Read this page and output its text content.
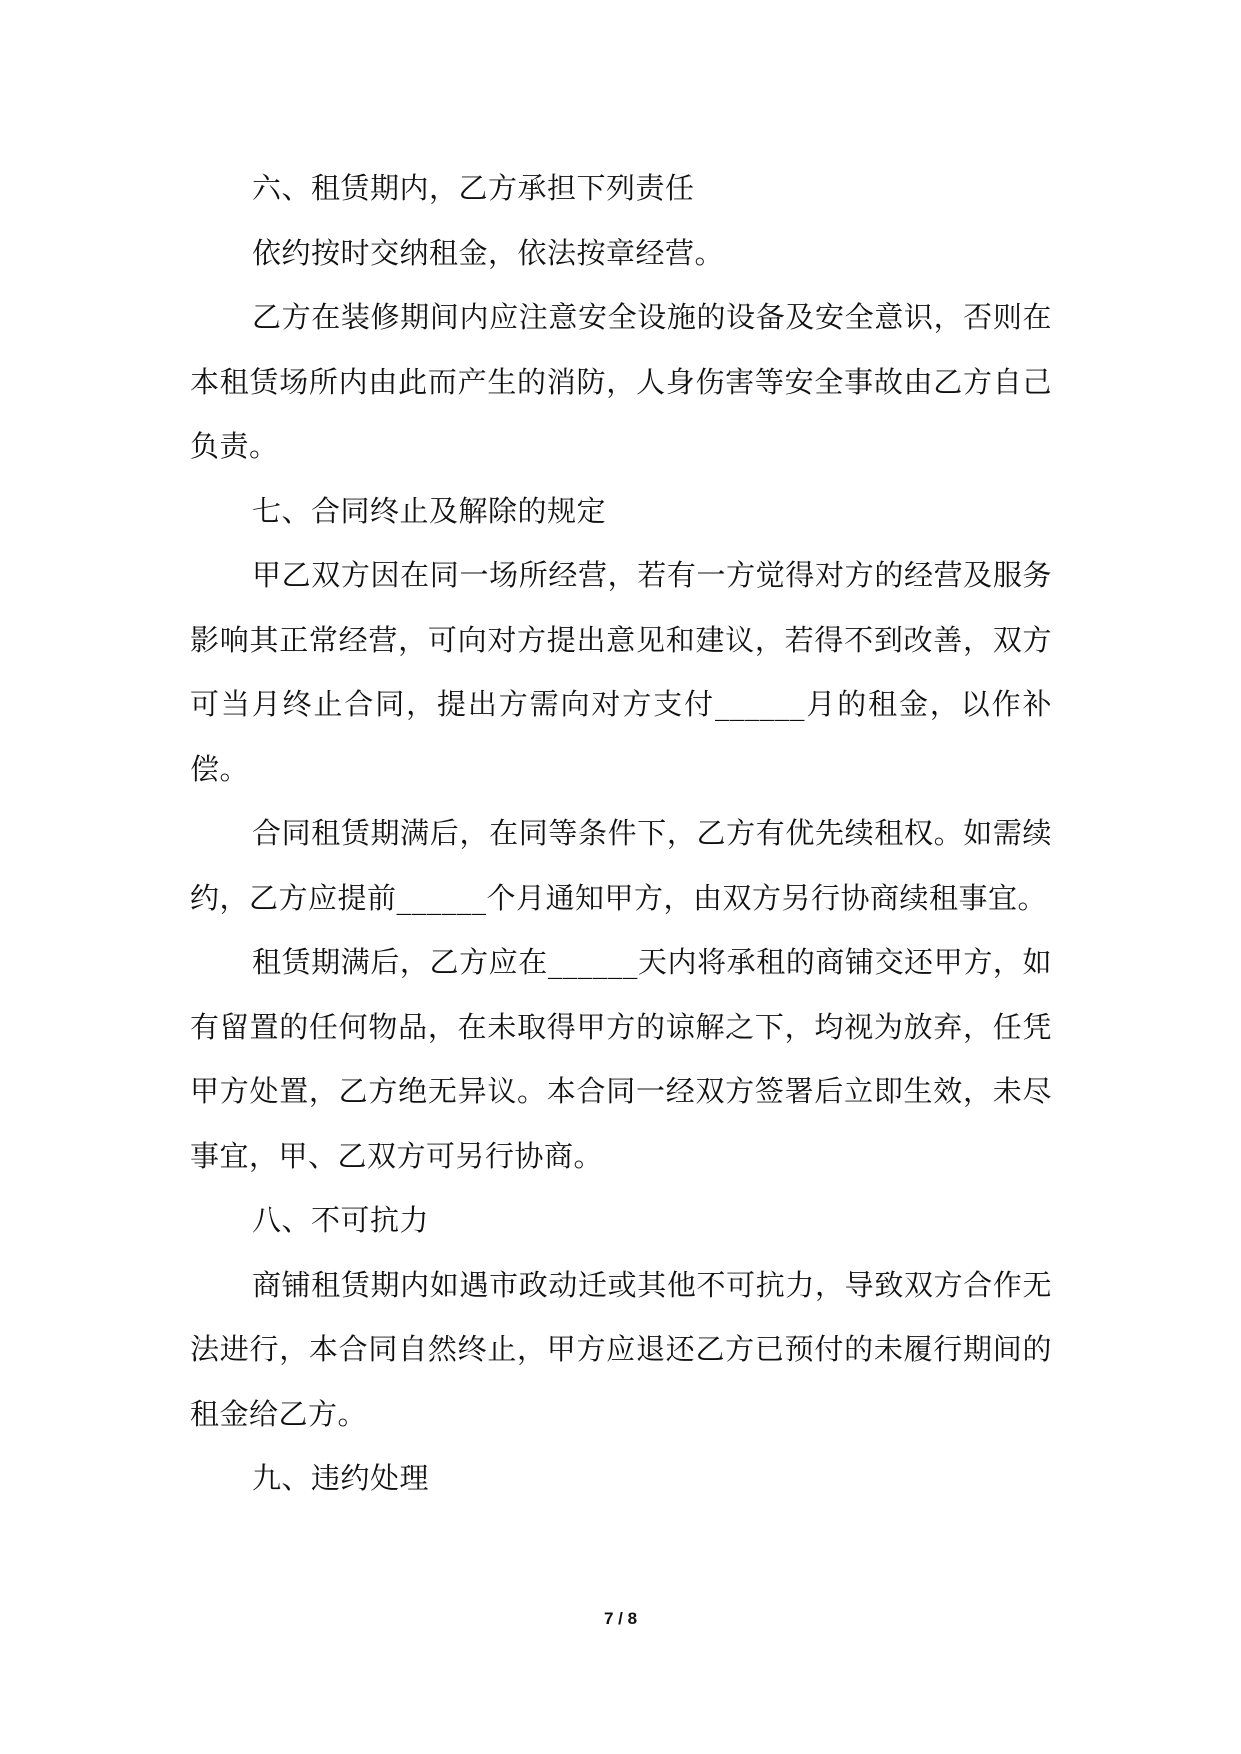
六、租赁期内，乙方承担下列责任

依约按时交纳租金，依法按章经营。

乙方在装修期间内应注意安全设施的设备及安全意识，否则在本租赁场所内由此而产生的消防，人身伤害等安全事故由乙方自己负责。

七、合同终止及解除的规定

甲乙双方因在同一场所经营，若有一方觉得对方的经营及服务影响其正常经营，可向对方提出意见和建议，若得不到改善，双方可当月终止合同，提出方需向对方支付______月的租金，以作补偿。

合同租赁期满后，在同等条件下，乙方有优先续租权。如需续约，乙方应提前______个月通知甲方，由双方另行协商续租事宜。

租赁期满后，乙方应在______天内将承租的商铺交还甲方，如有留置的任何物品，在未取得甲方的谅解之下，均视为放弃，任凭甲方处置，乙方绝无异议。本合同一经双方签署后立即生效，未尽事宜，甲、乙双方可另行协商。

八、不可抗力

商铺租赁期内如遇市政动迁或其他不可抗力，导致双方合作无法进行，本合同自然终止，甲方应退还乙方已预付的未履行期间的租金给乙方。

九、违约处理

7 / 8
